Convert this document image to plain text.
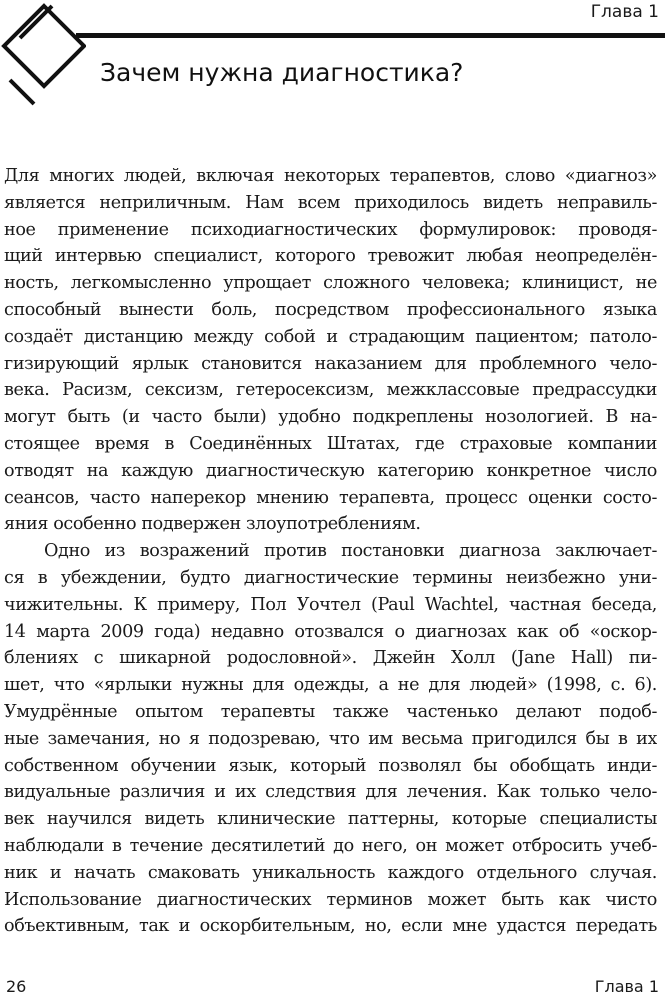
Глава 1
Зачем нужна диагностика?
Для многих людей, включая некоторых терапевтов, слово «диагноз»
является неприличным. Нам всем приходилось видеть неправиль-
ное применение психодиагностических формулировок: проводя-
щий интервью специалист, которого тревожит любая неопределён-
ность, легкомысленно упрощает сложного человека; клиницист, не
способный вынести боль, посредством профессионального языка
создаёт дистанцию между собой и страдающим пациентом; патоло-
гизирующий ярлык становится наказанием для проблемного чело-
века. Расизм, сексизм, гетеросексизм, межклассовые предрассудки
могут быть (и часто были) удобно подкреплены нозологией. В на-
стоящее время в Соединённых Штатах, где страховые компании
отводят на каждую диагностическую категорию конкретное число
сеансов, часто наперекор мнению терапевта, процесс оценки состо-
яния особенно подвержен злоупотреблениям.
Одно из возражений против постановки диагноза заключает-
ся в убеждении, будто диагностические термины неизбежно уни-
чижительны. К примеру, Пол Уочтел (Paul Wachtel, частная беседа,
14 марта 2009 года) недавно отозвался о диагнозах как об «оскор-
блениях с шикарной родословной». Джейн Холл (Jane Hall) пи-
шет, что «ярлыки нужны для одежды, а не для людей» (1998, с. 6).
Умудрённые опытом терапевты также частенько делают подоб-
ные замечания, но я подозреваю, что им весьма пригодился бы в их
собственном обучении язык, который позволял бы обобщать инди-
видуальные различия и их следствия для лечения. Как только чело-
век научился видеть клинические паттерны, которые специалисты
наблюдали в течение десятилетий до него, он может отбросить учеб-
ник и начать смаковать уникальность каждого отдельного случая.
Использование диагностических терминов может быть как чисто
объективным, так и оскорбительным, но, если мне удастся передать
26	Глава 1
